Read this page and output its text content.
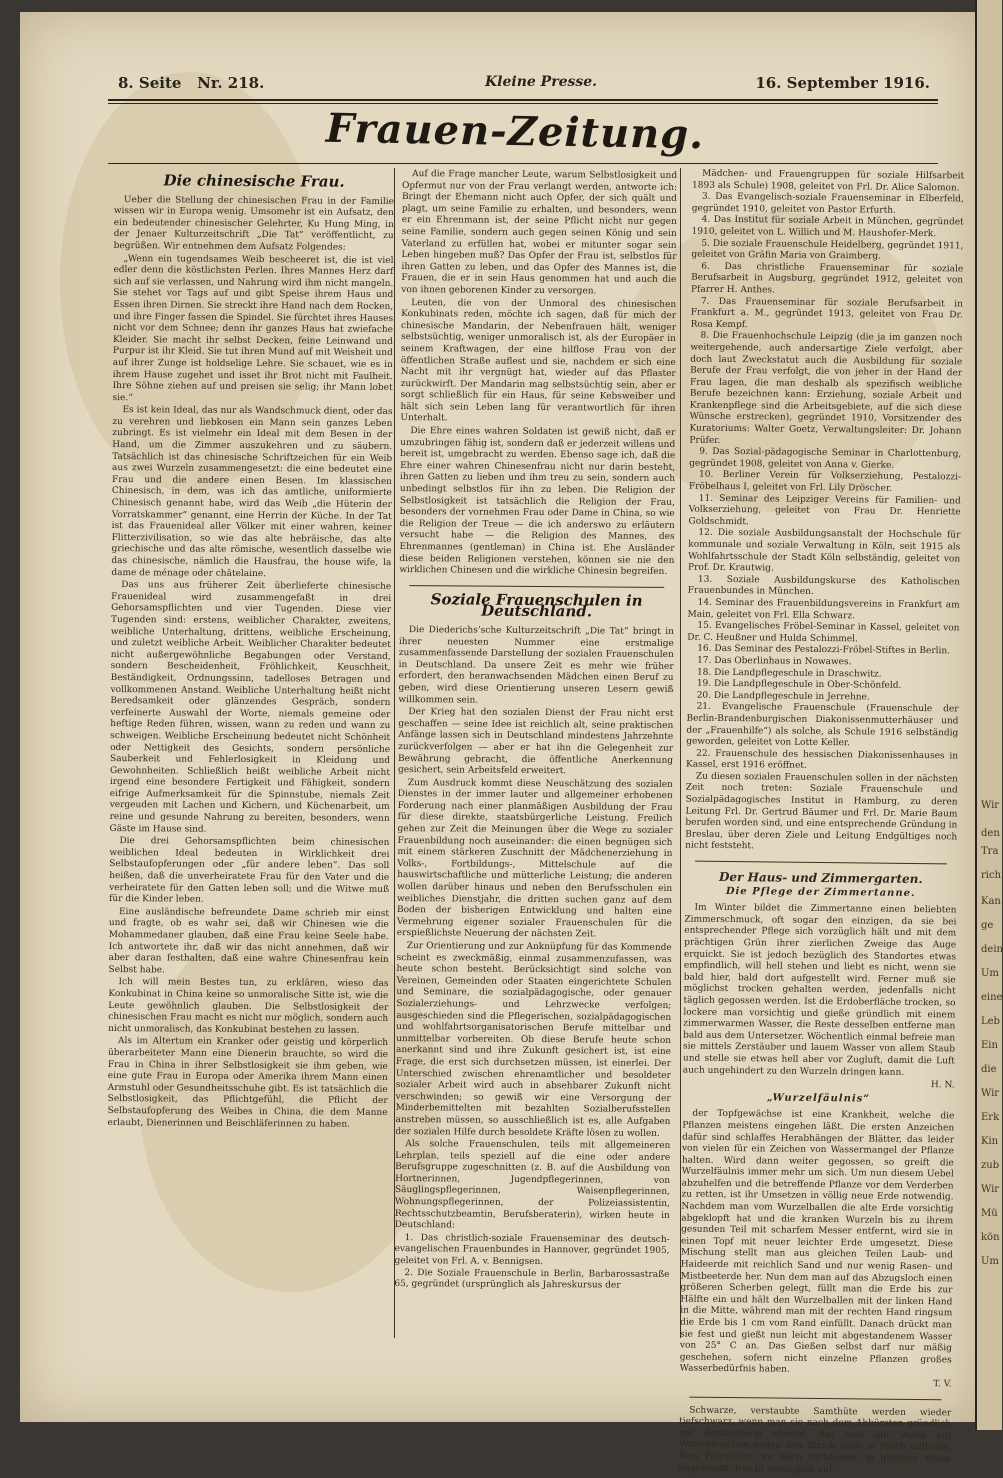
Wir
den
Tra
rich
Kan
ge
dein
Um
eine
Leb
Ein
die
Wir
Erk
Kin
zub
Wir
Mü
kön
Um
8. Seite Nr. 218.	Kleine Presse.	16. September 1916.
Frauen-Zeitung.
Die chinesische Frau.

Ueber die Stellung der chinesischen Frau in der Familie wissen wir in Europa wenig. Umsomehr ist ein Aufsatz, den ein bedeutender chinesischer Gelehrter, Ku Hung Ming, in der Jenaer Kulturzeitschrift „Die Tat“ veröffentlicht, zu begrüßen. Wir entnehmen dem Aufsatz Folgendes:

„Wenn ein tugendsames Weib bescheeret ist, die ist viel edler denn die köstlichsten Perlen. Ihres Mannes Herz darf sich auf sie verlassen, und Nahrung wird ihm nicht mangeln. Sie stehet vor Tags auf und gibt Speise ihrem Haus und Essen ihren Dirnen. Sie streckt ihre Hand nach dem Rocken, und ihre Finger fassen die Spindel. Sie fürchtet ihres Hauses nicht vor dem Schnee; denn ihr ganzes Haus hat zwiefache Kleider. Sie macht ihr selbst Decken, feine Leinwand und Purpur ist ihr Kleid. Sie tut ihren Mund auf mit Weisheit und auf ihrer Zunge ist holdselige Lehre. Sie schauet, wie es in ihrem Hause zugehet und isset ihr Brot nicht mit Faulheit. Ihre Söhne ziehen auf und preisen sie selig; ihr Mann lobet sie.“

Es ist kein Ideal, das nur als Wandschmuck dient, oder das zu verehren und liebkosen ein Mann sein ganzes Leben zubringt. Es ist vielmehr ein Ideal mit dem Besen in der Hand, um die Zimmer auszukehren und zu säubern. Tatsächlich ist das chinesische Schriftzeichen für ein Weib aus zwei Wurzeln zusammengesetzt: die eine bedeutet eine Frau und die andere einen Besen. Im klassischen Chinesisch, in dem, was ich das amtliche, uniformierte Chinesisch genannt habe, wird das Weib „die Hüterin der Vorratskammer“ genannt, eine Herrin der Küche. In der Tat ist das Frauenideal aller Völker mit einer wahren, keiner Flitterzivilisation, so wie das alte hebräische, das alte griechische und das alte römische, wesentlich dasselbe wie das chinesische, nämlich die Hausfrau, the house wife, la dame de ménage oder châtelaine.

Das uns aus früherer Zeit überlieferte chinesische Frauenideal wird zusammengefaßt in drei Gehorsamspflichten und vier Tugenden. Diese vier Tugenden sind: erstens, weiblicher Charakter, zweitens, weibliche Unterhaltung, drittens, weibliche Erscheinung, und zuletzt weibliche Arbeit. Weiblicher Charakter bedeutet nicht außergewöhnliche Begabungen oder Verstand, sondern Bescheidenheit, Fröhlichkeit, Keuschheit, Beständigkeit, Ordnungssinn, tadelloses Betragen und vollkommenen Anstand. Weibliche Unterhaltung heißt nicht Beredsamkeit oder glänzendes Gespräch, sondern verfeinerte Auswahl der Worte, niemals gemeine oder heftige Reden führen, wissen, wann zu reden und wann zu schweigen. Weibliche Erscheinung bedeutet nicht Schönheit oder Nettigkeit des Gesichts, sondern persönliche Sauberkeit und Fehlerlosigkeit in Kleidung und Gewohnheiten. Schließlich heißt weibliche Arbeit nicht irgend eine besondere Fertigkeit und Fähigkeit, sondern eifrige Aufmerksamkeit für die Spinnstube, niemals Zeit vergeuden mit Lachen und Kichern, und Küchenarbeit, um reine und gesunde Nahrung zu bereiten, besonders, wenn Gäste im Hause sind.

Die drei Gehorsamspflichten beim chinesischen weiblichen Ideal bedeuten in Wirklichkeit drei Selbstaufopferungen oder „für andere leben“. Das soll heißen, daß die unverheiratete Frau für den Vater und die verheiratete für den Gatten leben soll; und die Witwe muß für die Kinder leben.

Eine ausländische befreundete Dame schrieb mir einst und fragte, ob es wahr sei, daß wir Chinesen wie die Mohammedaner glauben, daß eine Frau keine Seele habe. Ich antwortete ihr, daß wir das nicht annehmen, daß wir aber daran festhalten, daß eine wahre Chinesenfrau kein Selbst habe.

Ich will mein Bestes tun, zu erklären, wieso das Konkubinat in China keine so unmoralische Sitte ist, wie die Leute gewöhnlich glauben. Die Selbstlosigkeit der chinesischen Frau macht es nicht nur möglich, sondern auch nicht unmoralisch, das Konkubinat bestehen zu lassen.

Als im Altertum ein Kranker oder geistig und körperlich überarbeiteter Mann eine Dienerin brauchte, so wird die Frau in China in ihrer Selbstlosigkeit sie ihm geben, wie eine gute Frau in Europa oder Amerika ihrem Mann einen Armstuhl oder Gesundheitsschuhe gibt. Es ist tatsächlich die Selbstlosigkeit, das Pflichtgefühl, die Pflicht der Selbstaufopferung des Weibes in China, die dem Manne erlaubt, Dienerinnen und Beischläferinnen zu haben.

Auf die Frage mancher Leute, warum Selbstlosigkeit und Opfermut nur von der Frau verlangt werden, antworte ich: Bringt der Ehemann nicht auch Opfer, der sich quält und plagt, um seine Familie zu erhalten, und besonders, wenn er ein Ehrenmann ist, der seine Pflicht nicht nur gegen seine Familie, sondern auch gegen seinen König und sein Vaterland zu erfüllen hat, wobei er mitunter sogar sein Leben hingeben muß? Das Opfer der Frau ist, selbstlos für ihren Gatten zu leben, und das Opfer des Mannes ist, die Frauen, die er in sein Haus genommen hat und auch die von ihnen geborenen Kinder zu versorgen.

Leuten, die von der Unmoral des chinesischen Konkubinats reden, möchte ich sagen, daß für mich der chinesische Mandarin, der Nebenfrauen hält, weniger selbstsüchtig, weniger unmoralisch ist, als der Europäer in seinem Kraftwagen, der eine hilflose Frau von der öffentlichen Straße auflest und sie, nachdem er sich eine Nacht mit ihr vergnügt hat, wieder auf das Pflaster zurückwirft. Der Mandarin mag selbstsüchtig sein, aber er sorgt schließlich für ein Haus, für seine Kebsweiber und hält sich sein Leben lang für verantwortlich für ihren Unterhalt.

Die Ehre eines wahren Soldaten ist gewiß nicht, daß er umzubringen fähig ist, sondern daß er jederzeit willens und bereit ist, umgebracht zu werden. Ebenso sage ich, daß die Ehre einer wahren Chinesenfrau nicht nur darin besteht, ihren Gatten zu lieben und ihm treu zu sein, sondern auch unbedingt selbstlos für ihn zu leben. Die Religion der Selbstlosigkeit ist tatsächlich die Religion der Frau, besonders der vornehmen Frau oder Dame in China, so wie die Religion der Treue — die ich anderswo zu erläutern versucht habe — die Religion des Mannes, des Ehrenmannes (gentleman) in China ist. Ehe Ausländer diese beiden Religionen verstehen, können sie nie den wirklichen Chinesen und die wirkliche Chinesin begreifen.

Soziale Frauenschulen in Deutschland.

Die Diederichs’sche Kulturzeitschrift „Die Tat“ bringt in ihrer neuesten Nummer eine erstmalige zusammenfassende Darstellung der sozialen Frauenschulen in Deutschland. Da unsere Zeit es mehr wie früher erfordert, den heranwachsenden Mädchen einen Beruf zu geben, wird diese Orientierung unseren Lesern gewiß willkommen sein.

Der Krieg hat den sozialen Dienst der Frau nicht erst geschaffen — seine Idee ist reichlich alt, seine praktischen Anfänge lassen sich in Deutschland mindestens Jahrzehnte zurückverfolgen — aber er hat ihn die Gelegenheit zur Bewährung gebracht, die öffentliche Anerkennung gesichert, sein Arbeitsfeld erweitert.

Zum Ausdruck kommt diese Neuschätzung des sozialen Dienstes in der immer lauter und allgemeiner erhobenen Forderung nach einer planmäßigen Ausbildung der Frau für diese direkte, staatsbürgerliche Leistung. Freilich gehen zur Zeit die Meinungen über die Wege zu sozialer Frauenbildung noch auseinander: die einen begnügen sich mit einem stärkeren Zuschnitt der Mädchenerziehung in Volks-, Fortbildungs-, Mittelschule auf die hauswirtschaftliche und mütterliche Leistung; die anderen wollen darüber hinaus und neben den Berufsschulen ein weibliches Dienstjahr, die dritten suchen ganz auf dem Boden der bisherigen Entwicklung und halten eine Vermehrung eigener sozialer Frauenschulen für die erspießlichste Neuerung der nächsten Zeit.

Zur Orientierung und zur Anknüpfung für das Kommende scheint es zweckmäßig, einmal zusammenzufassen, was heute schon besteht. Berücksichtigt sind solche von Vereinen, Gemeinden oder Staaten eingerichtete Schulen und Seminare, die sozialpädagogische, oder genauer Sozialerziehungs- und Lehrzwecke verfolgen; ausgeschieden sind die Pflegerischen, sozialpädagogischen und wohlfahrtsorganisatorischen Berufe mittelbar und unmittelbar vorbereiten. Ob diese Berufe heute schon anerkannt sind und ihre Zukunft gesichert ist, ist eine Frage, die erst sich durchsetzen müssen, ist einerlei. Der Unterschied zwischen ehrenamtlicher und besoldeter sozialer Arbeit wird auch in absehbarer Zukunft nicht verschwinden; so gewiß wir eine Versorgung der Minderbemittelten mit bezahlten Sozialberufsstellen anstreben müssen, so ausschließlich ist es, alle Aufgaben der sozialen Hilfe durch besoldete Kräfte lösen zu wollen.

Als solche Frauenschulen, teils mit allgemeineren Lehrplan, teils speziell auf die eine oder andere Berufsgruppe zugeschnitten (z. B. auf die Ausbildung von Hortnerinnen, Jugendpflegerinnen, von Säuglingspflegerinnen, Waisenpflegerinnen, Wohnungspflegerinnen, der Polizeiassistentin, Rechtsschutzbeamtin, Berufsberaterin), wirken heute in Deutschland:

1. Das christlich-soziale Frauenseminar des deutsch-evangelischen Frauenbundes in Hannover, gegründet 1905, geleitet von Frl. A. v. Bennigsen.
2. Die Soziale Frauenschule in Berlin, Barbarossastraße 65, gegründet (ursprünglich als Jahreskursus der
Mädchen- und Frauengruppen für soziale Hilfsarbeit 1893 als Schule) 1908, geleitet von Frl. Dr. Alice Salomon.
3. Das Evangelisch-soziale Frauenseminar in Elberfeld, gegründet 1910, geleitet von Pastor Erfurth.
4. Das Institut für soziale Arbeit in München, gegründet 1910, geleitet von L. Willich und M. Haushofer-Merk.
5. Die soziale Frauenschule Heidelberg, gegründet 1911, geleitet von Gräfin Maria von Graimberg.
6. Das christliche Frauenseminar für soziale Berufsarbeit in Augsburg, gegründet 1912, geleitet von Pfarrer H. Anthes.
7. Das Frauenseminar für soziale Berufsarbeit in Frankfurt a. M., gegründet 1913, geleitet von Frau Dr. Rosa Kempf.
8. Die Frauenhochschule Leipzig (die ja im ganzen noch weitergehende, auch andersartige Ziele verfolgt, aber doch laut Zweckstatut auch die Ausbildung für soziale Berufe der Frau verfolgt, die von jeher in der Hand der Frau lagen, die man deshalb als spezifisch weibliche Berufe bezeichnen kann: Erziehung, soziale Arbeit und Krankenpflege sind die Arbeitsgebiete, auf die sich diese Wünsche erstrecken), gegründet 1910, Vorsitzender des Kuratoriums: Walter Goetz, Verwaltungsleiter: Dr. Johann Prüfer.
9. Das Sozial-pädagogische Seminar in Charlottenburg, gegründet 1908, geleitet von Anna v. Gierke.
10. Berliner Verein für Volkserziehung, Pestalozzi-Fröbelhaus I, geleitet von Frl. Lily Dröscher.
11. Seminar des Leipziger Vereins für Familien- und Volkserziehung, geleitet von Frau Dr. Henriette Goldschmidt.
12. Die soziale Ausbildungsanstalt der Hochschule für kommunale und soziale Verwaltung in Köln, seit 1915 als Wohlfahrtsschule der Stadt Köln selbständig, geleitet von Prof. Dr. Krautwig.
13. Soziale Ausbildungskurse des Katholischen Frauenbundes in München.
14. Seminar des Frauenbildungsvereins in Frankfurt am Main, geleitet von Frl. Ella Schwarz.
15. Evangelisches Fröbel-Seminar in Kassel, geleitet von Dr. C. Heußner und Hulda Schimmel.
16. Das Seminar des Pestalozzi-Fröbel-Stiftes in Berlin.
17. Das Oberlinhaus in Nowawes.
18. Die Landpflegeschule in Draschwitz.
19. Die Landpflegeschule in Ober-Schönfeld.
20. Die Landpflegeschule in Jerrehne.
21. Evangelische Frauenschule (Frauenschule der Berlin-Brandenburgischen Diakonissenmutterhäuser und der „Frauenhilfe“) als solche, als Schule 1916 selbständig geworden, geleitet von Lotte Keller.
22. Frauenschule des hessischen Diakonissenhauses in Kassel, erst 1916 eröffnet.

Zu diesen sozialen Frauenschulen sollen in der nächsten Zeit noch treten: Soziale Frauenschule und Sozialpädagogisches Institut in Hamburg, zu deren Leitung Frl. Dr. Gertrud Bäumer und Frl. Dr. Marie Baum berufen worden sind, und eine entsprechende Gründung in Breslau, über deren Ziele und Leitung Endgültiges noch nicht feststeht.

Der Haus- und Zimmergarten.
Die Pflege der Zimmertanne.

Im Winter bildet die Zimmertanne einen beliebten Zimmerschmuck, oft sogar den einzigen, da sie bei entsprechender Pflege sich vorzüglich hält und mit dem prächtigen Grün ihrer zierlichen Zweige das Auge erquickt. Sie ist jedoch bezüglich des Standortes etwas empfindlich, will hell stehen und liebt es nicht, wenn sie bald hier, bald dort aufgestellt wird. Ferner muß sie möglichst trocken gehalten werden, jedenfalls nicht täglich gegossen werden. Ist die Erdoberfläche trocken, so lockere man vorsichtig und gieße gründlich mit einem zimmerwarmen Wasser, die Reste desselben entferne man bald aus dem Untersetzer. Wöchentlich einmal befreie man sie mittels Zerstäuber und lauem Wasser von allem Staub und stelle sie etwas hell aber vor Zugluft, damit die Luft auch ungehindert zu den Wurzeln dringen kann.

H. N.

„Wurzelfäulnis“

der Topfgewächse ist eine Krankheit, welche die Pflanzen meistens eingehen läßt. Die ersten Anzeichen dafür sind schlaffes Herabhängen der Blätter, das leider von vielen für ein Zeichen von Wassermangel der Pflanze halten. Wird dann weiter gegossen, so greift die Wurzelfäulnis immer mehr um sich. Um nun diesem Uebel abzuhelfen und die betreffende Pflanze vor dem Verderben zu retten, ist ihr Umsetzen in völlig neue Erde notwendig. Nachdem man vom Wurzelballen die alte Erde vorsichtig abgeklopft hat und die kranken Wurzeln bis zu ihrem gesunden Teil mit scharfem Messer entfernt, wird sie in einen Topf mit neuer leichter Erde umgesetzt. Diese Mischung stellt man aus gleichen Teilen Laub- und Haideerde mit reichlich Sand und nur wenig Rasen- und Mistbeeterde her. Nun dem man auf das Abzugsloch einen größeren Scherben gelegt, füllt man die Erde bis zur Hälfte ein und hält den Wurzelballen mit der linken Hand in die Mitte, während man mit der rechten Hand ringsum die Erde bis 1 cm vom Rand einfüllt. Danach drückt man sie fest und gießt nun leicht mit abgestandenem Wasser von 25° C an. Das Gießen selbst darf nur mäßig geschehen, sofern nicht einzelne Pflanzen großes Wasserbedürfnis haben.

T. V.

Schwarze, verstaubte Samthüte werden wieder tiefschwarz, wenn man sie nach dem Abbürsten gründlich mit Benzinoform abreibt, das man mit Watte auf Wattebäuschen gegen den Strich nach in Fasch aufträgt. Nun Petroleum, wo noch vorhanden, in gleicher Weise angewandt, frischt vorzüglich auf.
